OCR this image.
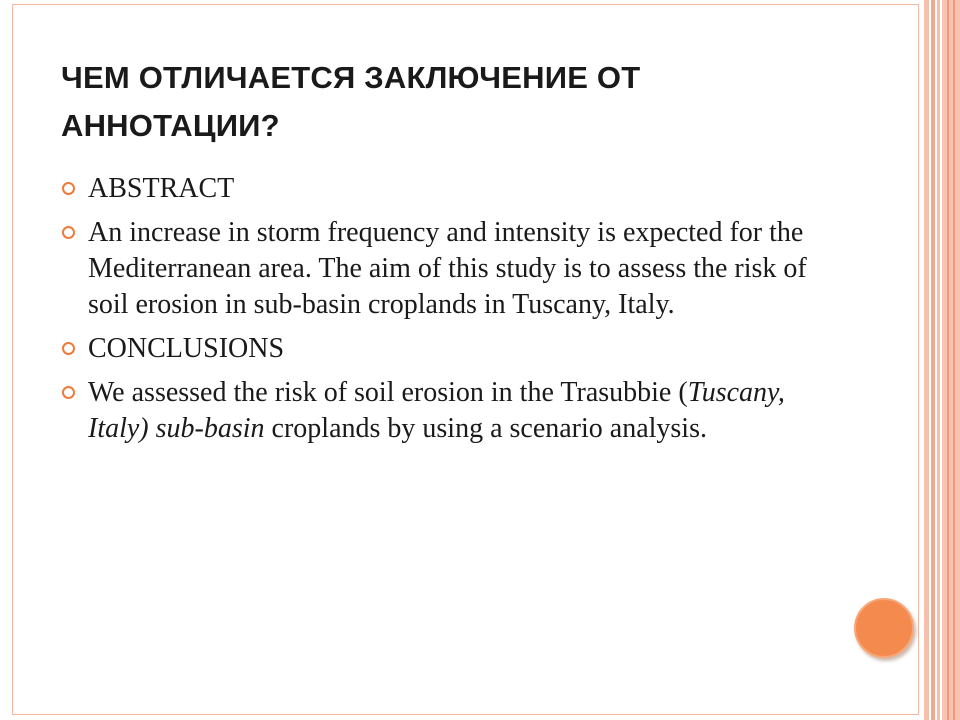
ЧЕМ ОТЛИЧАЕТСЯ ЗАКЛЮЧЕНИЕ ОТ АННОТАЦИИ?
ABSTRACT
An increase in storm frequency and intensity is expected for the Mediterranean area. The aim of this study is to assess the risk of soil erosion in sub-basin croplands in Tuscany, Italy.
CONCLUSIONS
We assessed the risk of soil erosion in the Trasubbie (Tuscany, Italy) sub-basin croplands by using a scenario analysis.
